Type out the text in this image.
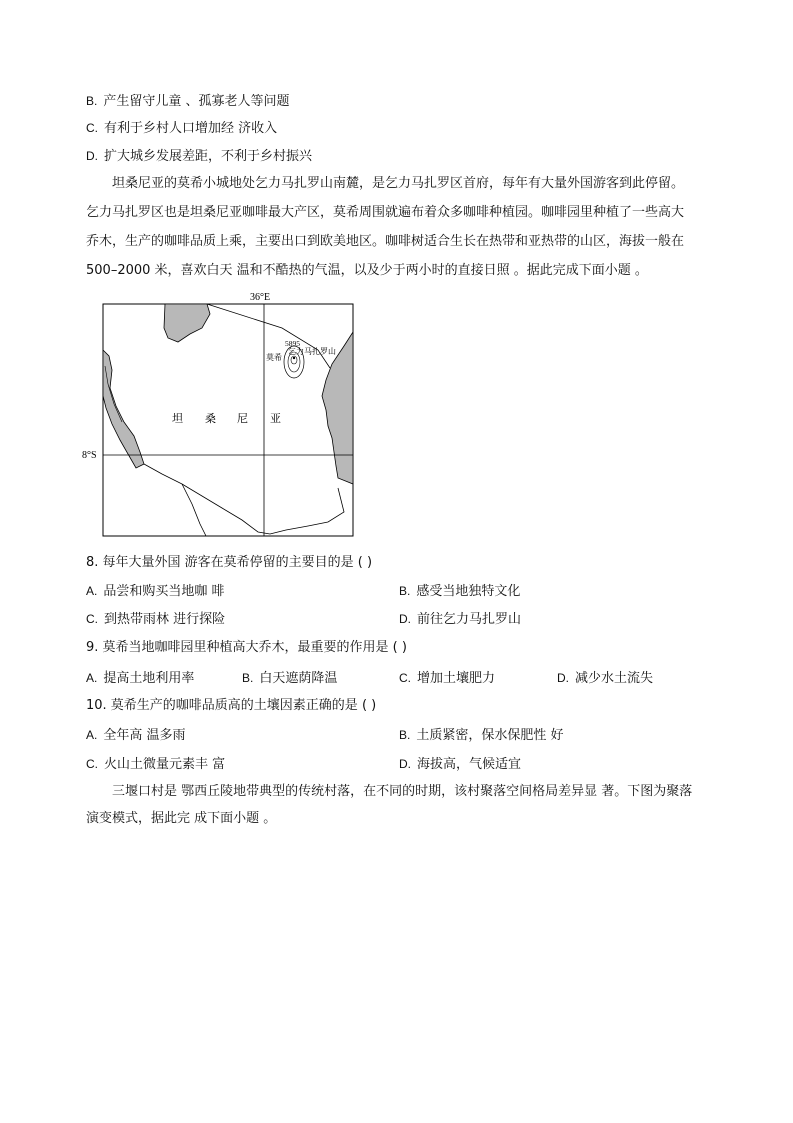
B. 产生留守儿童 、孤寡老人等问题
C. 有利于乡村人口增加经 济收入
D. 扩大城乡发展差距，不利于乡村振兴
坦桑尼亚的莫希小城地处乞力马扎罗山南麓，是乞力马扎罗区首府，每年有大量外国游客到此停留。
乞力马扎罗区也是坦桑尼亚咖啡最大产区，莫希周围就遍布着众多咖啡种植园。咖啡园里种植了一些高大
乔木，生产的咖啡品质上乘，主要出口到欧美地区。咖啡树适合生长在热带和亚热带的山区，海拔一般在
500–2000 米，喜欢白天 温和不酷热的气温，以及少于两小时的直接日照 。据此完成下面小题 。
36°E
8°S
5895
乞力马扎罗山
莫希
坦 桑 尼 亚
8. 每年大量外国 游客在莫希停留的主要目的是 ( )
A. 品尝和购买当地咖 啡	B. 感受当地独特文化
C. 到热带雨林 进行探险	D. 前往乞力马扎罗山
9. 莫希当地咖啡园里种植高大乔木，最重要的作用是 ( )
A. 提高土地利用率	B. 白天遮荫降温	C. 增加土壤肥力	D. 减少水土流失
10. 莫希生产的咖啡品质高的土壤因素正确的是 ( )
A. 全年高 温多雨	B. 土质紧密，保水保肥性 好
C. 火山土微量元素丰 富	D. 海拔高，气候适宜
三堰口村是 鄂西丘陵地带典型的传统村落，在不同的时期，该村聚落空间格局差异显 著。下图为聚落
演变模式，据此完 成下面小题 。
